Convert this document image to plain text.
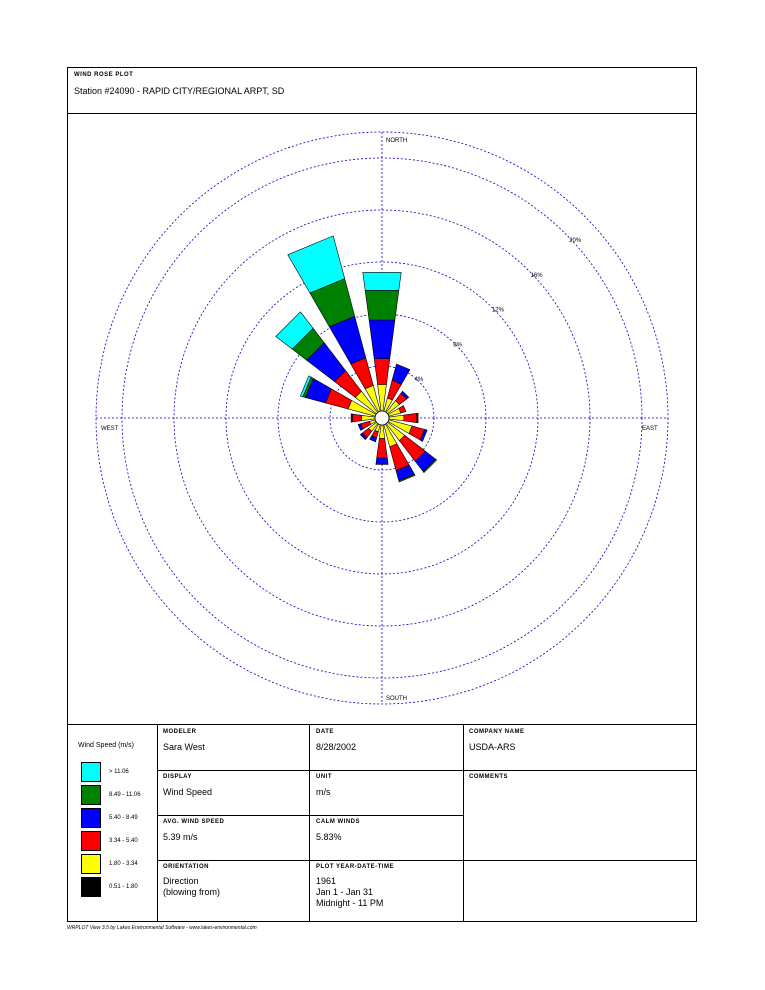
WIND ROSE PLOT
Station #24090 - RAPID CITY/REGIONAL ARPT, SD
NORTH
SOUTH
EAST
WEST
4%
8%
12%
16%
20%
Wind Speed (m/s)
> 11.06
8.49 - 11.06
5.40 - 8.49
3.34 - 5.40
1.80 - 3.34
0.51 - 1.80
MODELER
Sara West
DATE
8/28/2002
COMPANY NAME
USDA-ARS
DISPLAY
Wind Speed
UNIT
m/s
COMMENTS
AVG. WIND SPEED
5.39 m/s
CALM WINDS
5.83%
ORIENTATION
Direction
(blowing from)
PLOT YEAR-DATE-TIME
1961
Jan 1 - Jan 31
Midnight - 11 PM
WRPLOT View 3.5 by Lakes Environmental Software - www.lakes-environmental.com
